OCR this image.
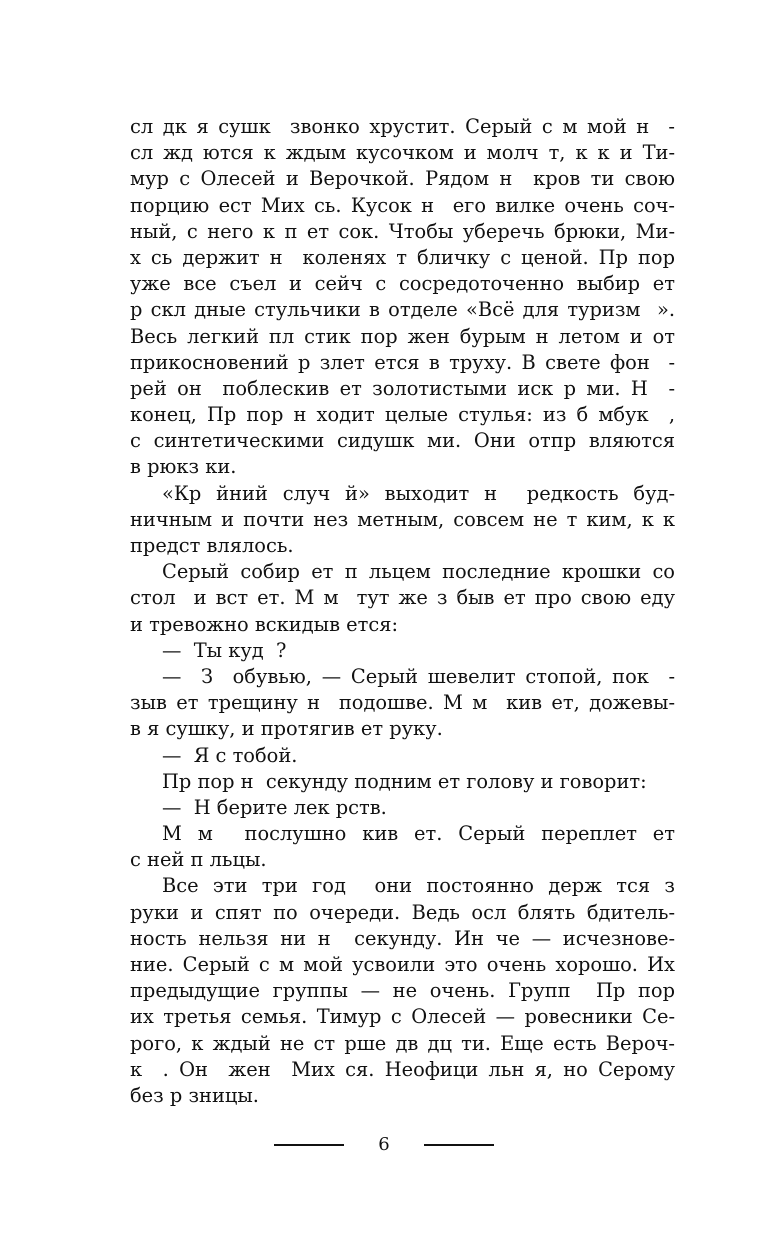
сл дк я сушк  звонко хрустит. Серый с м мой н  -
сл жд ются к ждым кусочком и молч т, к к и Ти-
мур с Олесей и Верочкой. Рядом н  кров ти свою
порцию ест Мих сь. Кусок н  его вилке очень соч-
ный, с него к п ет сок. Чтобы уберечь брюки, Ми-
х сь держит н  коленях т бличку с ценой. Пр пор
уже все съел и сейч с сосредоточенно выбир ет
р скл дные стульчики в отделе «Всё для туризм  ».
Весь легкий пл стик пор жен бурым н летом и от
прикосновений р злет ется в труху. В свете фон  -
рей он  поблескив ет золотистыми иск р ми. Н  -
конец, Пр пор н ходит целые стулья: из б мбук  ,
с синтетическими сидушк ми. Они отпр вляются
в рюкз ки.
«Кр йний случ й» выходит н  редкость буд-
ничным и почти нез метным, совсем не т ким, к к
предст влялось.
Серый собир ет п льцем последние крошки со
стол  и вст ет. М м  тут же з быв ет про свою еду
и тревожно вскидыв ется:
—  Ты куд  ?
—  З  обувью, — Серый шевелит стопой, пок  -
зыв ет трещину н  подошве. М м  кив ет, дожевы-
в я сушку, и протягив ет руку.
—  Я с тобой.
Пр пор н  секунду подним ет голову и говорит:
—  Н берите лек рств.
М м  послушно кив ет. Серый переплет ет
с ней п льцы.
Все эти три год  они постоянно держ тся з
руки и спят по очереди. Ведь осл блять бдитель-
ность нельзя ни н  секунду. Ин че — исчезнове-
ние. Серый с м мой усвоили это очень хорошо. Их
предыдущие группы — не очень. Групп  Пр пор
их третья семья. Тимур с Олесей — ровесники Се-
рого, к ждый не ст рше дв дц ти. Еще есть Вероч-
к  . Он  жен  Мих ся. Неофици льн я, но Серому
без р зницы.
6
